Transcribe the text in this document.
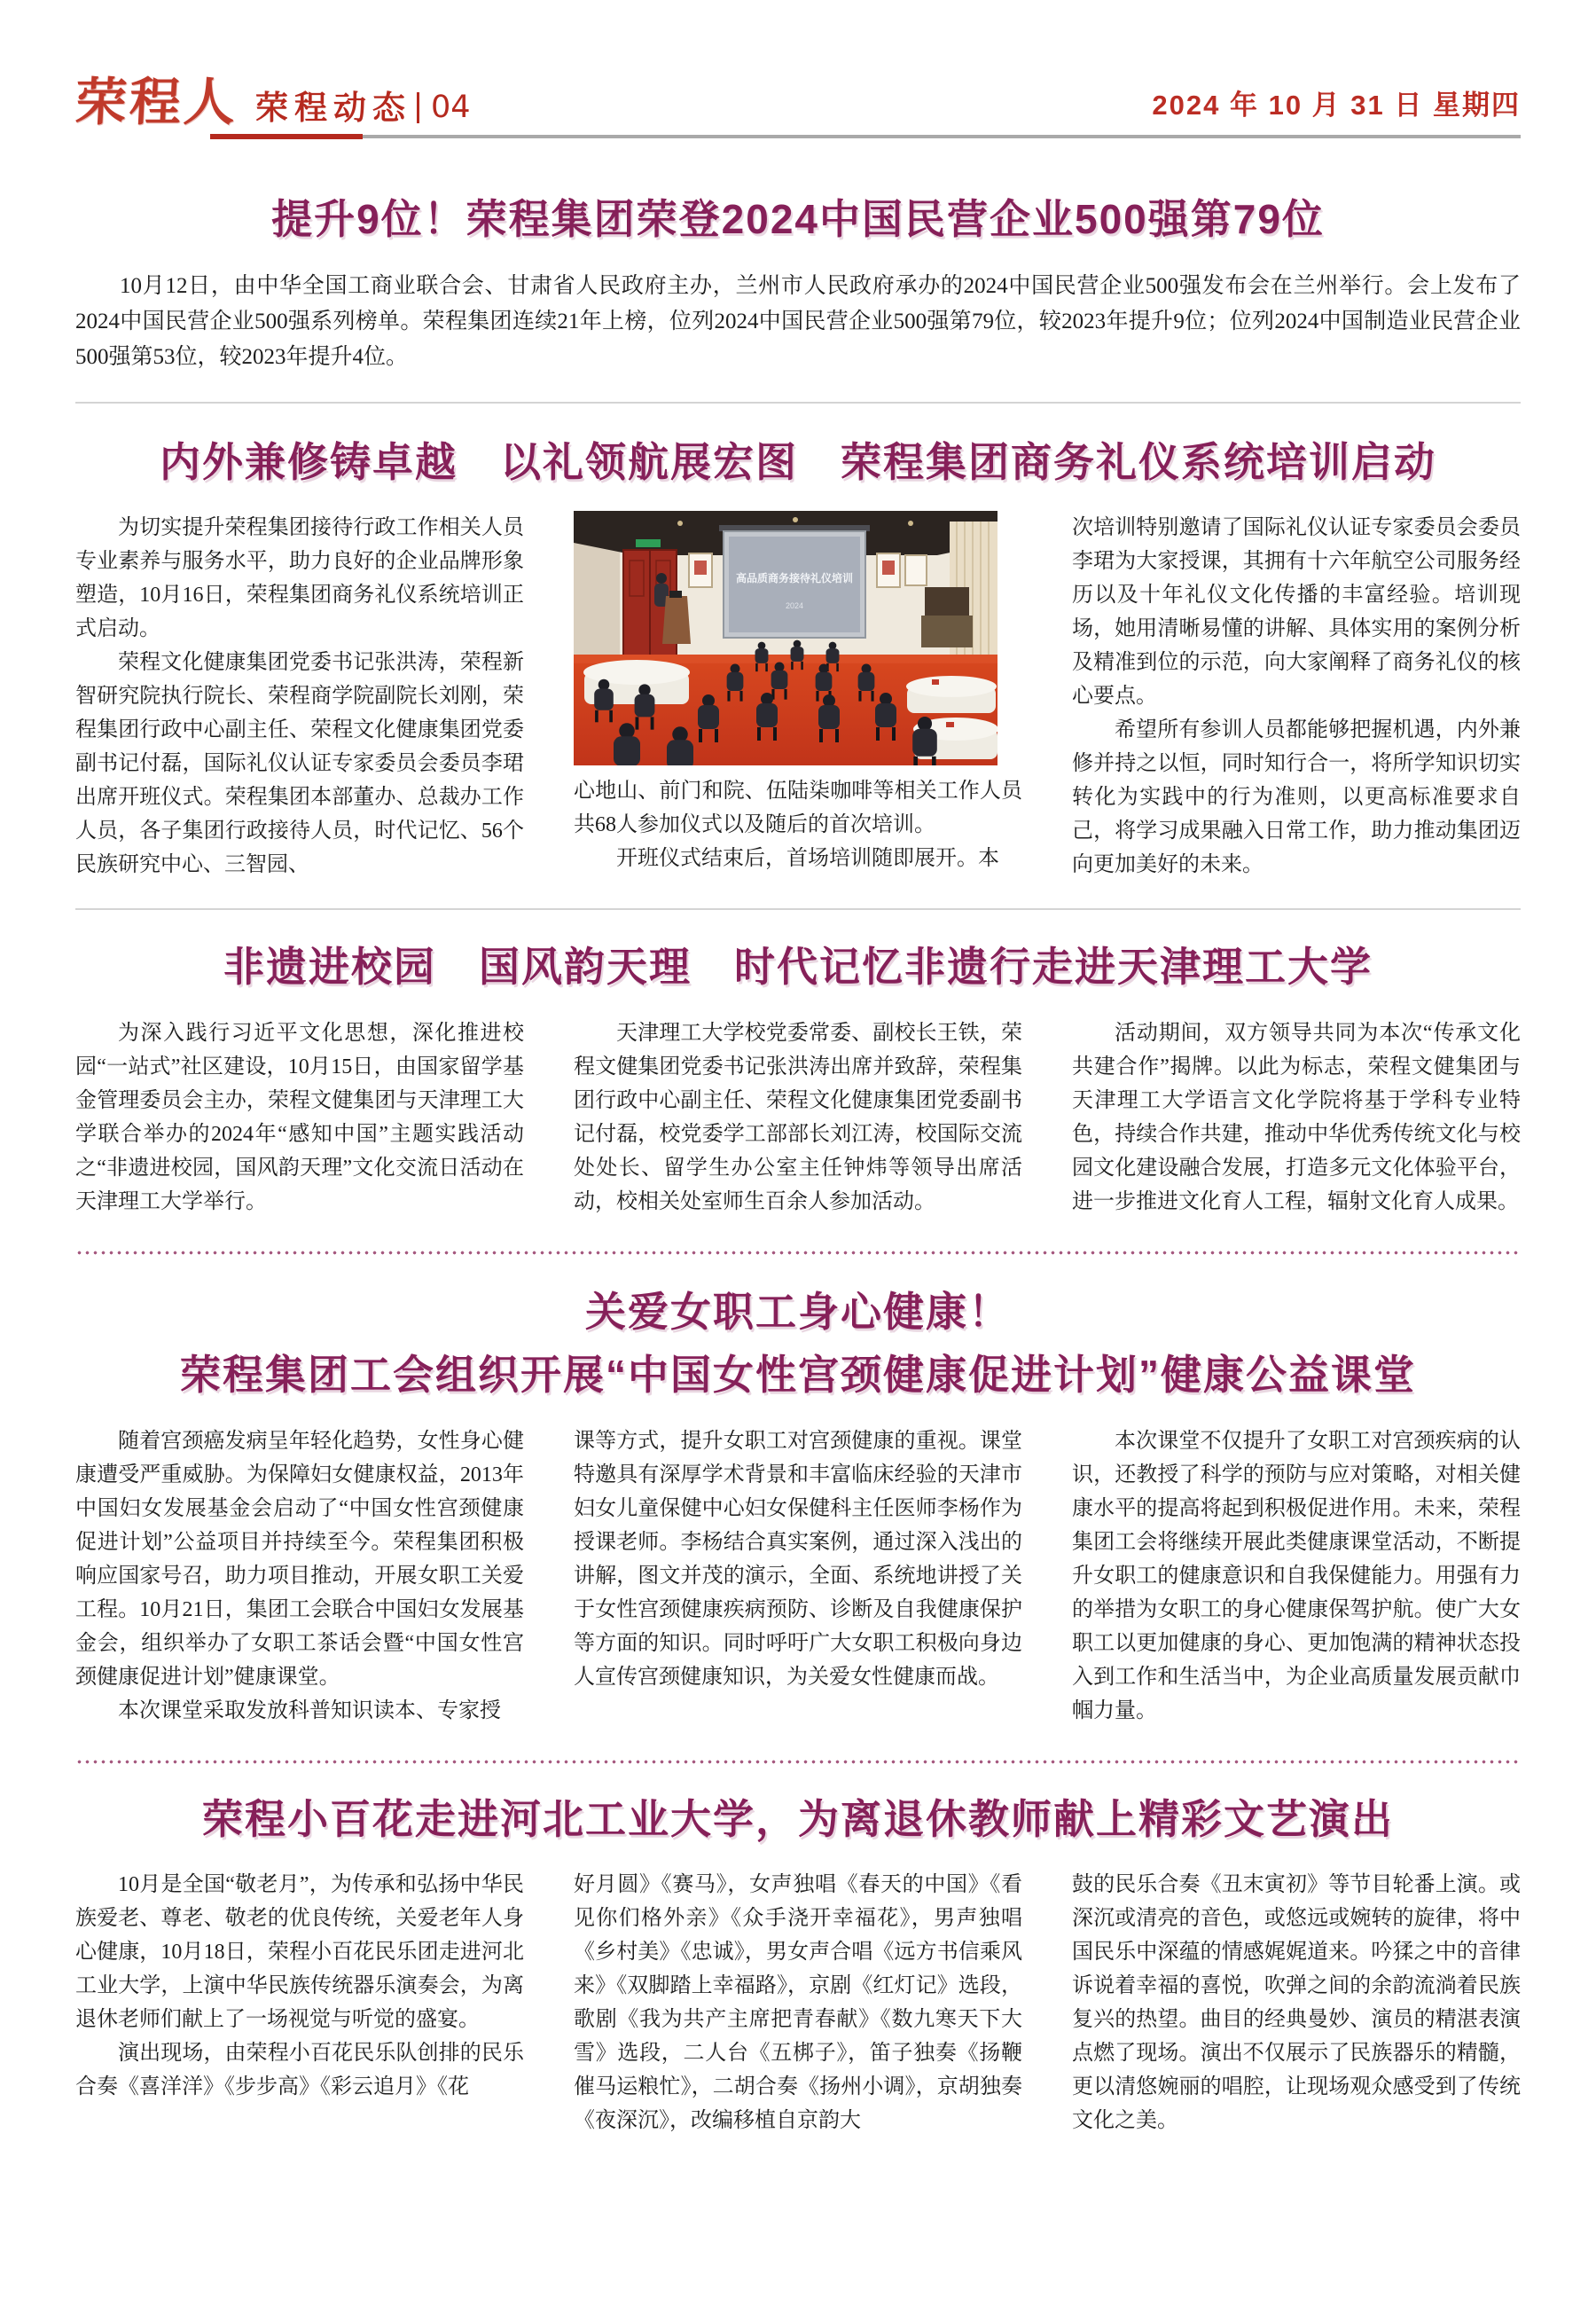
荣程人 荣程动态 04	2024 年 10 月 31 日 星期四
提升9位！荣程集团荣登2024中国民营企业500强第79位

10月12日，由中华全国工商业联合会、甘肃省人民政府主办，兰州市人民政府承办的2024中国民营企业500强发布会在兰州举行。会上发布了2024中国民营企业500强系列榜单。荣程集团连续21年上榜，位列2024中国民营企业500强第79位，较2023年提升9位；位列2024中国制造业民营企业500强第53位，较2023年提升4位。

内外兼修铸卓越　以礼领航展宏图　荣程集团商务礼仪系统培训启动

为切实提升荣程集团接待行政工作相关人员专业素养与服务水平，助力良好的企业品牌形象塑造，10月16日，荣程集团商务礼仪系统培训正式启动。

荣程文化健康集团党委书记张洪涛，荣程新智研究院执行院长、荣程商学院副院长刘刚，荣程集团行政中心副主任、荣程文化健康集团党委副书记付磊，国际礼仪认证专家委员会委员李珺出席开班仪式。荣程集团本部董办、总裁办工作人员，各子集团行政接待人员，时代记忆、56个民族研究中心、三智园、

高品质商务接待礼仪培训
2024

心地山、前门和院、伍陆柒咖啡等相关工作人员共68人参加仪式以及随后的首次培训。

开班仪式结束后，首场培训随即展开。本

次培训特别邀请了国际礼仪认证专家委员会委员李珺为大家授课，其拥有十六年航空公司服务经历以及十年礼仪文化传播的丰富经验。培训现场，她用清晰易懂的讲解、具体实用的案例分析及精准到位的示范，向大家阐释了商务礼仪的核心要点。

希望所有参训人员都能够把握机遇，内外兼修并持之以恒，同时知行合一，将所学知识切实转化为实践中的行为准则，以更高标准要求自己，将学习成果融入日常工作，助力推动集团迈向更加美好的未来。

非遗进校园　国风韵天理　时代记忆非遗行走进天津理工大学

为深入践行习近平文化思想，深化推进校园“一站式”社区建设，10月15日，由国家留学基金管理委员会主办，荣程文健集团与天津理工大学联合举办的2024年“感知中国”主题实践活动之“非遗进校园，国风韵天理”文化交流日活动在天津理工大学举行。

天津理工大学校党委常委、副校长王铁，荣程文健集团党委书记张洪涛出席并致辞，荣程集团行政中心副主任、荣程文化健康集团党委副书记付磊，校党委学工部部长刘江涛，校国际交流处处长、留学生办公室主任钟炜等领导出席活动，校相关处室师生百余人参加活动。

活动期间，双方领导共同为本次“传承文化 共建合作”揭牌。以此为标志，荣程文健集团与天津理工大学语言文化学院将基于学科专业特色，持续合作共建，推动中华优秀传统文化与校园文化建设融合发展，打造多元文化体验平台，进一步推进文化育人工程，辐射文化育人成果。

关爱女职工身心健康！
荣程集团工会组织开展“中国女性宫颈健康促进计划”健康公益课堂

随着宫颈癌发病呈年轻化趋势，女性身心健康遭受严重威胁。为保障妇女健康权益，2013年中国妇女发展基金会启动了“中国女性宫颈健康促进计划”公益项目并持续至今。荣程集团积极响应国家号召，助力项目推动，开展女职工关爱工程。10月21日，集团工会联合中国妇女发展基金会，组织举办了女职工茶话会暨“中国女性宫颈健康促进计划”健康课堂。

本次课堂采取发放科普知识读本、专家授

课等方式，提升女职工对宫颈健康的重视。课堂特邀具有深厚学术背景和丰富临床经验的天津市妇女儿童保健中心妇女保健科主任医师李杨作为授课老师。李杨结合真实案例，通过深入浅出的讲解，图文并茂的演示，全面、系统地讲授了关于女性宫颈健康疾病预防、诊断及自我健康保护等方面的知识。同时呼吁广大女职工积极向身边人宣传宫颈健康知识，为关爱女性健康而战。

本次课堂不仅提升了女职工对宫颈疾病的认识，还教授了科学的预防与应对策略，对相关健康水平的提高将起到积极促进作用。未来，荣程集团工会将继续开展此类健康课堂活动，不断提升女职工的健康意识和自我保健能力。用强有力的举措为女职工的身心健康保驾护航。使广大女职工以更加健康的身心、更加饱满的精神状态投入到工作和生活当中，为企业高质量发展贡献巾帼力量。

荣程小百花走进河北工业大学，为离退休教师献上精彩文艺演出

10月是全国“敬老月”，为传承和弘扬中华民族爱老、尊老、敬老的优良传统，关爱老年人身心健康，10月18日，荣程小百花民乐团走进河北工业大学，上演中华民族传统器乐演奏会，为离退休老师们献上了一场视觉与听觉的盛宴。

演出现场，由荣程小百花民乐队创排的民乐合奏《喜洋洋》《步步高》《彩云追月》《花

好月圆》《赛马》，女声独唱《春天的中国》《看见你们格外亲》《众手浇开幸福花》，男声独唱《乡村美》《忠诚》，男女声合唱《远方书信乘风来》《双脚踏上幸福路》，京剧《红灯记》选段，歌剧《我为共产主席把青春献》《数九寒天下大雪》选段，二人台《五梆子》，笛子独奏《扬鞭催马运粮忙》，二胡合奏《扬州小调》，京胡独奏《夜深沉》，改编移植自京韵大

鼓的民乐合奏《丑末寅初》等节目轮番上演。或深沉或清亮的音色，或悠远或婉转的旋律，将中国民乐中深蕴的情感娓娓道来。吟猱之中的音律诉说着幸福的喜悦，吹弹之间的余韵流淌着民族复兴的热望。曲目的经典曼妙、演员的精湛表演点燃了现场。演出不仅展示了民族器乐的精髓，更以清悠婉丽的唱腔，让现场观众感受到了传统文化之美。
